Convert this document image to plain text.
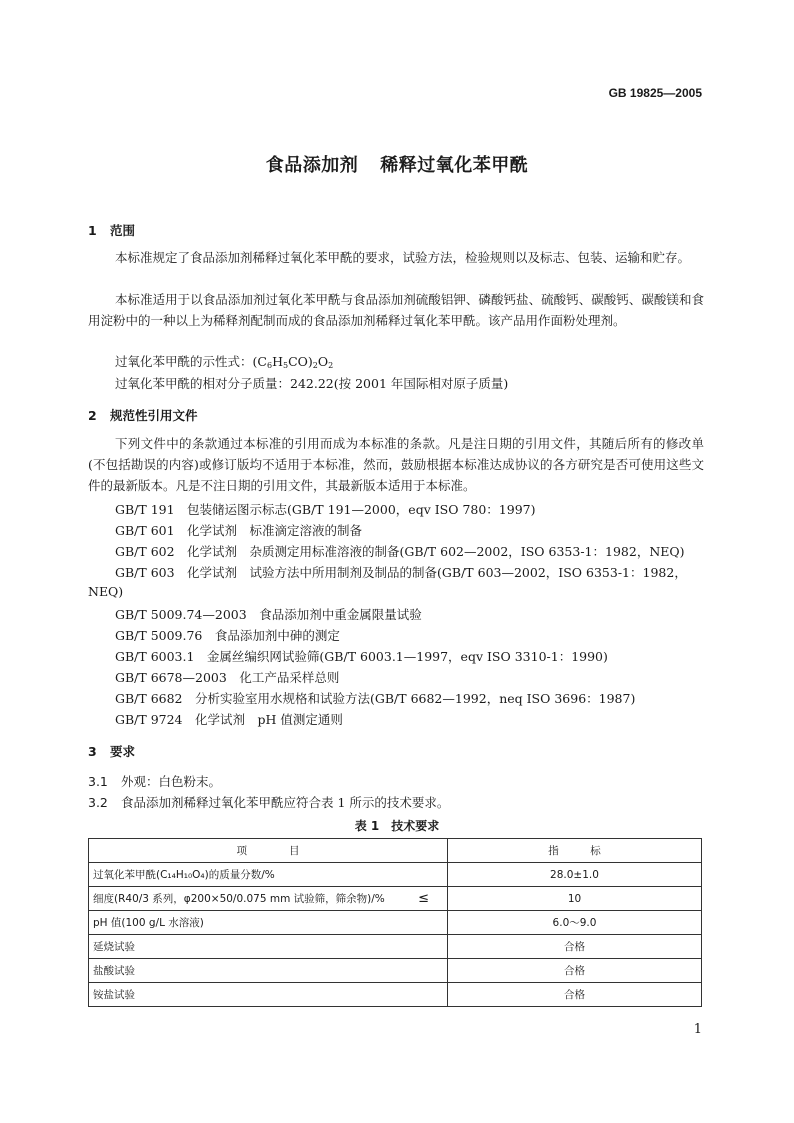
GB 19825—2005
食品添加剂 稀释过氧化苯甲酰
1 范围
本标准规定了食品添加剂稀释过氧化苯甲酰的要求，试验方法，检验规则以及标志、包装、运输和贮存。
本标准适用于以食品添加剂过氧化苯甲酰与食品添加剂硫酸铝钾、磷酸钙盐、硫酸钙、碳酸钙、碳酸镁和食用淀粉中的一种以上为稀释剂配制而成的食品添加剂稀释过氧化苯甲酰。该产品用作面粉处理剂。
过氧化苯甲酰的示性式：$(C_6H_5CO)_2O_2$
过氧化苯甲酰的相对分子质量：242.22(按 2001 年国际相对原子质量)
2 规范性引用文件
下列文件中的条款通过本标准的引用而成为本标准的条款。凡是注日期的引用文件，其随后所有的修改单(不包括勘误的内容)或修订版均不适用于本标准，然而，鼓励根据本标准达成协议的各方研究是否可使用这些文件的最新版本。凡是不注日期的引用文件，其最新版本适用于本标准。
GB/T 191　包装储运图示标志(GB/T 191—2000，eqv ISO 780：1997)
GB/T 601　化学试剂　标准滴定溶液的制备
GB/T 602　化学试剂　杂质测定用标准溶液的制备(GB/T 602—2002，ISO 6353-1：1982，NEQ)
GB/T 603　化学试剂　试验方法中所用制剂及制品的制备(GB/T 603—2002，ISO 6353-1：1982，
NEQ)
GB/T 5009.74—2003　食品添加剂中重金属限量试验
GB/T 5009.76　食品添加剂中砷的测定
GB/T 6003.1　金属丝编织网试验筛(GB/T 6003.1—1997，eqv ISO 3310-1：1990)
GB/T 6678—2003　化工产品采样总则
GB/T 6682　分析实验室用水规格和试验方法(GB/T 6682—1992，neq ISO 3696：1987)
GB/T 9724　化学试剂　pH 值测定通则
3 要求
3.1 外观：白色粉末。
3.2 食品添加剂稀释过氧化苯甲酰应符合表 1 所示的技术要求。
表 1　技术要求
项　　　　目	指　　　标
过氧化苯甲酰(C₁₄H₁₀O₄)的质量分数/%	28.0±1.0
细度(R40/3 系列，φ200×50/0.075 mm 试验筛，筛余物)/% ≤	10
pH 值(100 g/L 水溶液)	6.0～9.0
延烧试验	合格
盐酸试验	合格
铵盐试验	合格
1
